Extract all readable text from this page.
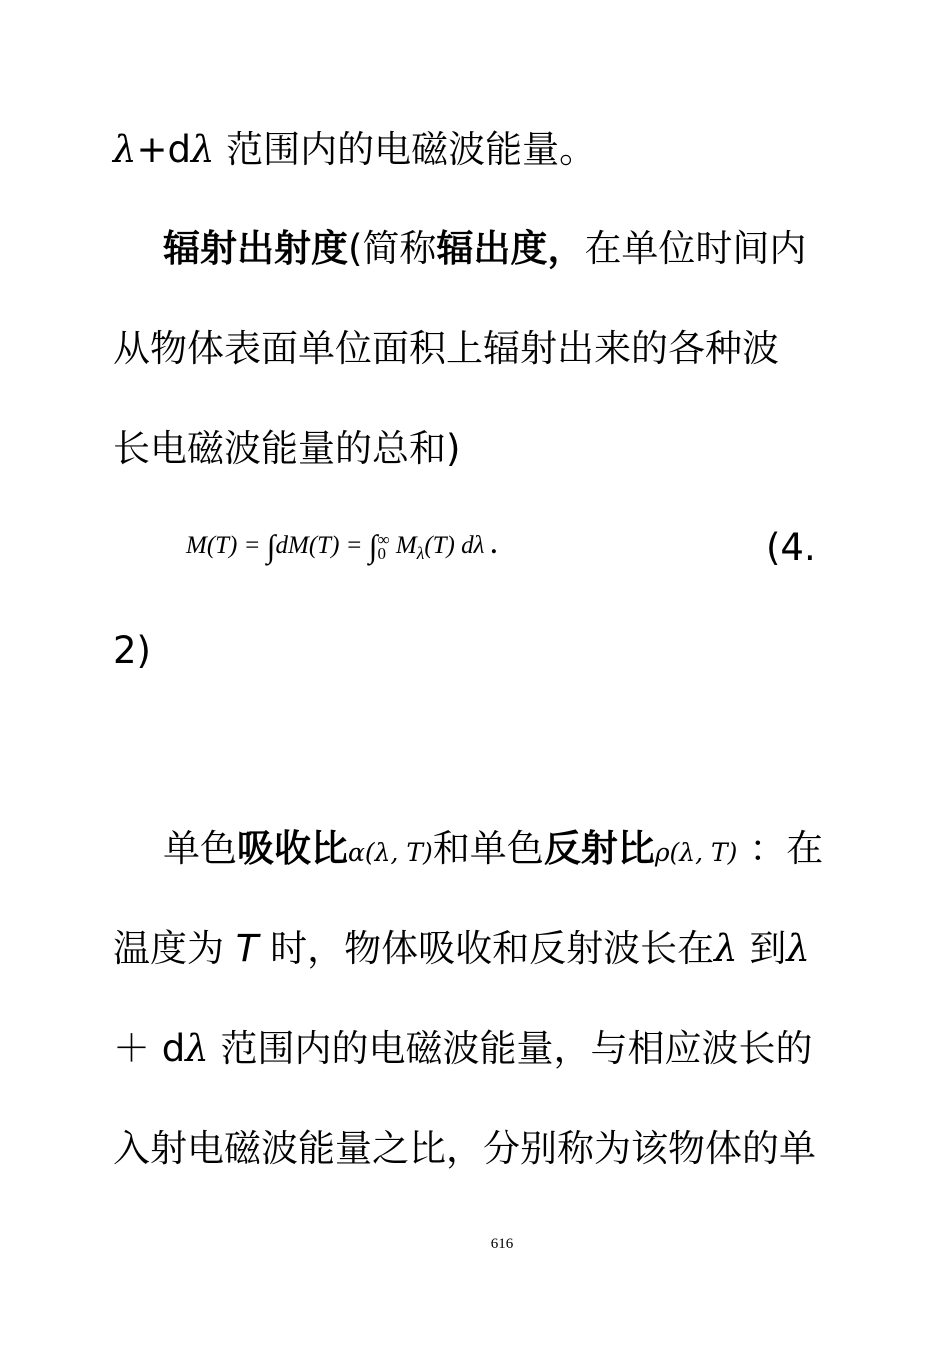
λ+dλ 范围内的电磁波能量。
辐射出射度(简称辐出度，在单位时间内
从物体表面单位面积上辐射出来的各种波
长电磁波能量的总和)
M(T) = ∫dM(T) = ∫ ∞
0 $M_\lambda(T)$ dλ .	(4.
2)
单色吸收比α(λ, T)和单色反射比ρ(λ, T) ：在
温度为 T 时，物体吸收和反射波长在λ 到λ
＋ dλ 范围内的电磁波能量，与相应波长的
入射电磁波能量之比，分别称为该物体的单
616
